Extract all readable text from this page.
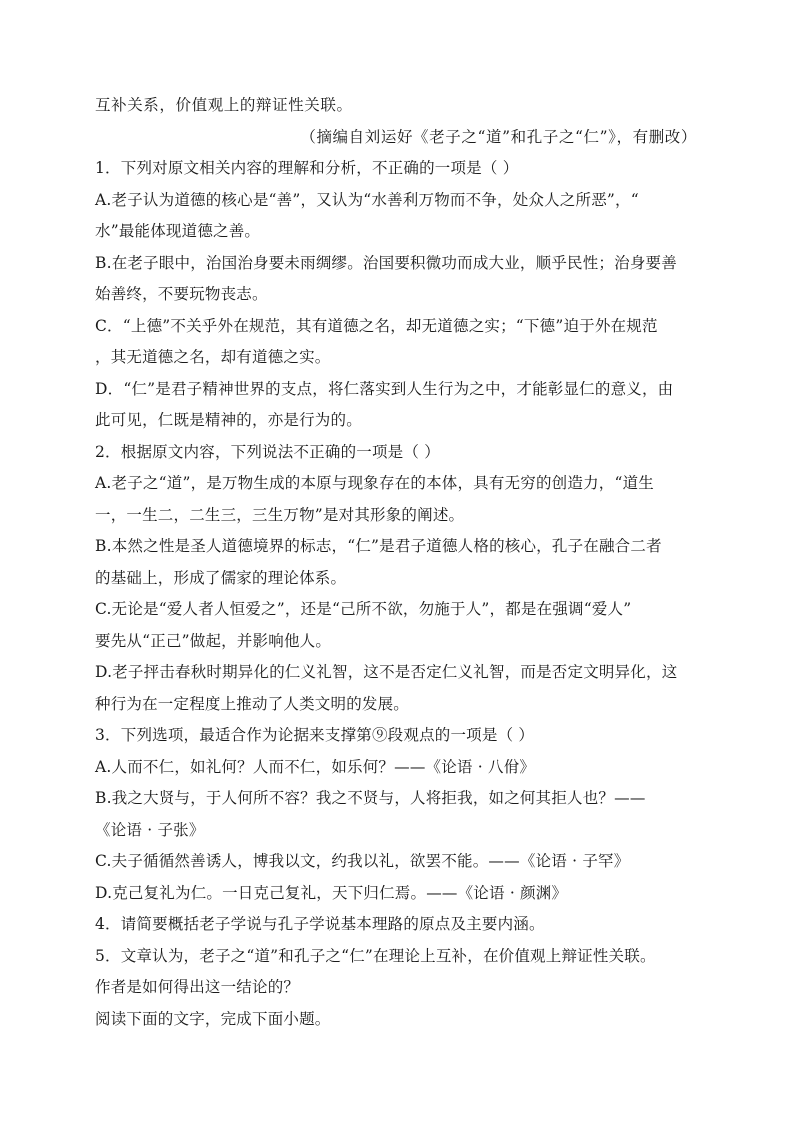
互补关系，价值观上的辩证性关联。
（摘编自刘运好《老子之“道”和孔子之“仁”》，有删改）
1．下列对原文相关内容的理解和分析，不正确的一项是（ ）
A.老子认为道德的核心是“善”，又认为“水善利万物而不争，处众人之所恶”，“
水”最能体现道德之善。
B.在老子眼中，治国治身要未雨绸缪。治国要积微功而成大业，顺乎民性；治身要善
始善终，不要玩物丧志。
C．“上德”不关乎外在规范，其有道德之名，却无道德之实；“下德”迫于外在规范
，其无道德之名，却有道德之实。
D．“仁”是君子精神世界的支点，将仁落实到人生行为之中，才能彰显仁的意义，由
此可见，仁既是精神的，亦是行为的。
2．根据原文内容，下列说法不正确的一项是（ ）
A.老子之“道”，是万物生成的本原与现象存在的本体，具有无穷的创造力，“道生
一，一生二，二生三，三生万物”是对其形象的阐述。
B.本然之性是圣人道德境界的标志，“仁”是君子道德人格的核心，孔子在融合二者
的基础上，形成了儒家的理论体系。
C.无论是“爱人者人恒爱之”，还是“己所不欲，勿施于人”，都是在强调“爱人”
要先从“正己”做起，并影响他人。
D.老子抨击春秋时期异化的仁义礼智，这不是否定仁义礼智，而是否定文明异化，这
种行为在一定程度上推动了人类文明的发展。
3．下列选项，最适合作为论据来支撑第⑨段观点的一项是（ ）
A.人而不仁，如礼何？人而不仁，如乐何？——《论语 · 八佾》
B.我之大贤与，于人何所不容？我之不贤与，人将拒我，如之何其拒人也？——
《论语 · 子张》
C.夫子循循然善诱人，博我以文，约我以礼，欲罢不能。——《论语 · 子罕》
D.克己复礼为仁。一日克己复礼，天下归仁焉。——《论语 · 颜渊》
4．请简要概括老子学说与孔子学说基本理路的原点及主要内涵。
5．文章认为，老子之“道”和孔子之“仁”在理论上互补，在价值观上辩证性关联。
作者是如何得出这一结论的？
阅读下面的文字，完成下面小题。
